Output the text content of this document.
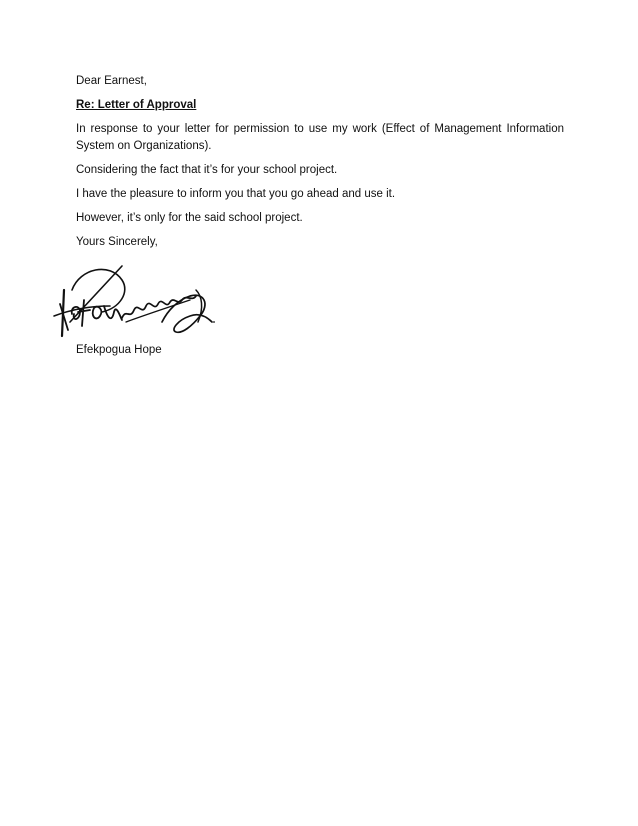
Dear Earnest,

Re: Letter of Approval

In response to your letter for permission to use my work (Effect of Management Information System on Organizations).

Considering the fact that it’s for your school project.

I have the pleasure to inform you that you go ahead and use it.

However, it’s only for the said school project.

Yours Sincerely,

Efekpogua Hope
